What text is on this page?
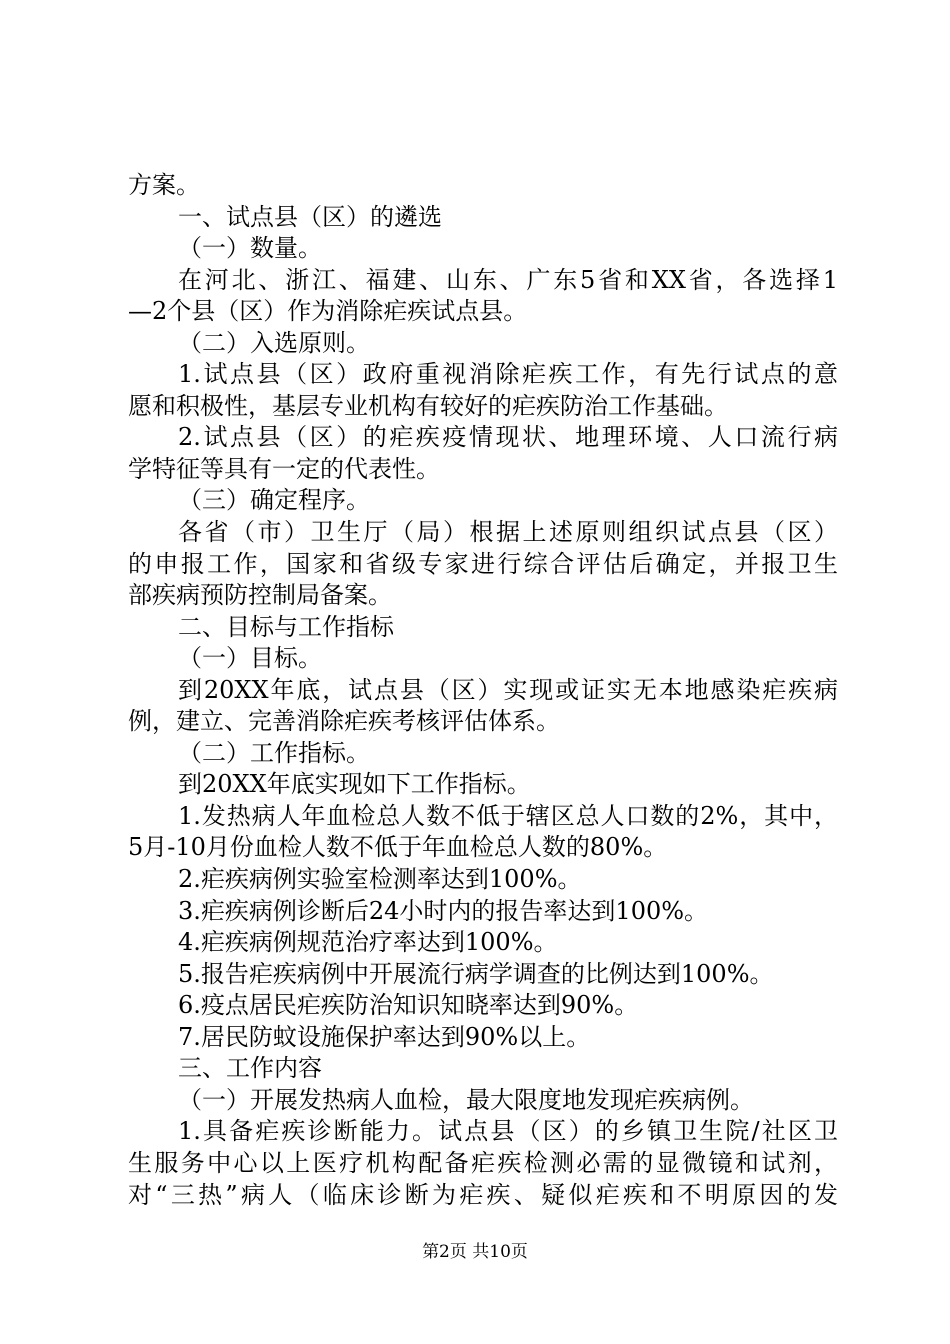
方案。
一、试点县（区）的遴选
（一）数量。
在河北、浙江、福建、山东、广东5省和XX省，各选择1
—2个县（区）作为消除疟疾试点县。
（二）入选原则。
1.试点县（区）政府重视消除疟疾工作，有先行试点的意
愿和积极性，基层专业机构有较好的疟疾防治工作基础。
2.试点县（区）的疟疾疫情现状、地理环境、人口流行病
学特征等具有一定的代表性。
（三）确定程序。
各省（市）卫生厅（局）根据上述原则组织试点县（区）
的申报工作，国家和省级专家进行综合评估后确定，并报卫生
部疾病预防控制局备案。
二、目标与工作指标
（一）目标。
到20XX年底，试点县（区）实现或证实无本地感染疟疾病
例，建立、完善消除疟疾考核评估体系。
（二）工作指标。
到20XX年底实现如下工作指标。
1.发热病人年血检总人数不低于辖区总人口数的2%，其中，
5月-10月份血检人数不低于年血检总人数的80%。
2.疟疾病例实验室检测率达到100%。
3.疟疾病例诊断后24小时内的报告率达到100%。
4.疟疾病例规范治疗率达到100%。
5.报告疟疾病例中开展流行病学调查的比例达到100%。
6.疫点居民疟疾防治知识知晓率达到90%。
7.居民防蚊设施保护率达到90%以上。
三、工作内容
（一）开展发热病人血检，最大限度地发现疟疾病例。
1.具备疟疾诊断能力。试点县（区）的乡镇卫生院/社区卫
生服务中心以上医疗机构配备疟疾检测必需的显微镜和试剂，
对“三热”病人（临床诊断为疟疾、疑似疟疾和不明原因的发
第2页 共10页
